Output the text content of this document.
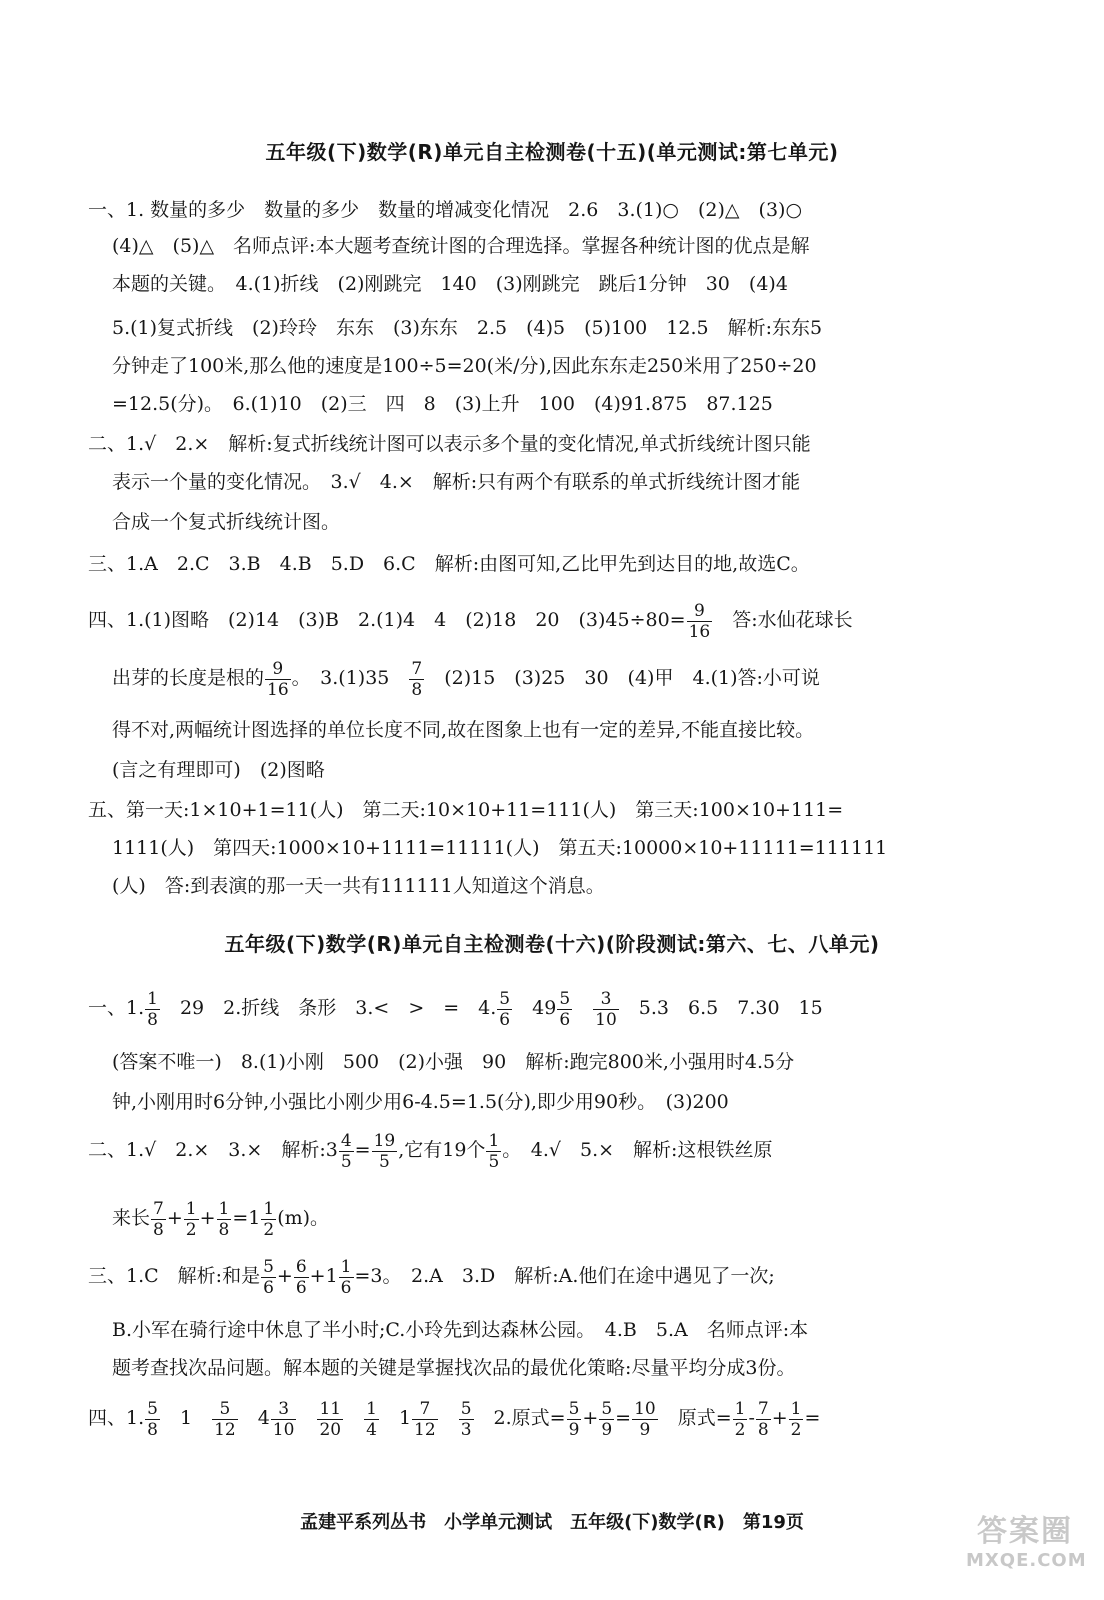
五年级(下)数学(R)单元自主检测卷(十五)(单元测试:第七单元)
一、1. 数量的多少　数量的多少　数量的增减变化情况　2.6　3.(1)○　(2)△　(3)○
(4)△　(5)△　名师点评:本大题考查统计图的合理选择。掌握各种统计图的优点是解
本题的关键。　4.(1)折线　(2)刚跳完　140　(3)刚跳完　跳后1分钟　30　(4)4
5.(1)复式折线　(2)玲玲　东东　(3)东东　2.5　(4)5　(5)100　12.5　解析:东东5
分钟走了100米,那么他的速度是100÷5=20(米/分),因此东东走250米用了250÷20
=12.5(分)。　6.(1)10　(2)三　四　8　(3)上升　100　(4)91.875　87.125
二、1.√　2.×　解析:复式折线统计图可以表示多个量的变化情况,单式折线统计图只能
表示一个量的变化情况。　3.√　4.×　解析:只有两个有联系的单式折线统计图才能
合成一个复式折线统计图。
三、1.A　2.C　3.B　4.B　5.D　6.C　解析:由图可知,乙比甲先到达目的地,故选C。
四、1.(1)图略　(2)14　(3)B　2.(1)4　4　(2)18　20　$(3)45\div 80= \frac{9}{16}$ 　答:水仙花球长
出芽的长度是根的 $\frac{9}{16}$ 。　3.(1)35　 $\frac{7}{8}$ 　(2)15　(3)25　30　(4)甲　4.(1)答:小可说
得不对,两幅统计图选择的单位长度不同,故在图象上也有一定的差异,不能直接比较。
(言之有理即可)　(2)图略
五、第一天:1×10+1=11(人)　第二天:10×10+11=111(人)　第三天:100×10+111=
1111(人)　第四天:1000×10+1111=11111(人)　第五天:10000×10+11111=111111
(人)　答:到表演的那一天一共有111111人知道这个消息。
五年级(下)数学(R)单元自主检测卷(十六)(阶段测试:第六、七、八单元)
一、1. $\frac{1}{8}$ 　29　2.折线　条形　3.<　>　=　4. $\frac{5}{6}$ 　$49 \frac{5}{6}$
　 $\frac{3}{10}$ 　5.3　6.5　7.30　15
(答案不唯一)　8.(1)小刚　500　(2)小强　90　解析:跑完800米,小强用时4.5分
钟,小刚用时6分钟,小强比小刚少用6-4.5=1.5(分),即少用90秒。　(3)200
二、1.√　2.×　3.×　解析:3 $\frac{4}{5} = \frac{19}{5}$ ,它有19个 $\frac{1}{5}$ 。　4.√　5.×　解析:这根铁丝原
来长 $\frac{7}{8} + \frac{1}{2} + \frac{1}{8} =1 \frac{1}{2} (m)$。
三、1.C　解析:和是 $\frac{5}{6} + \frac{6}{6} +1 \frac{1}{6} =3$。　2.A　3.D　解析:A.他们在途中遇见了一次;
B.小军在骑行途中休息了半小时;C.小玲先到达森林公园。　4.B　5.A　名师点评:本
题考查找次品问题。解本题的关键是掌握找次品的最优化策略:尽量平均分成3份。
四、1. $\frac{5}{8}$ 　1　 $\frac{5}{12}$ 　$4 \frac{3}{10}$
　 $\frac{11}{20}$
　 $\frac{1}{4}$ 　$1 \frac{7}{12}$
　 $\frac{5}{3}$ 　2.原式= $\frac{5}{9} + \frac{5}{9} = \frac{10}{9}$ 　原式= $\frac{1}{2} - \frac{7}{8} + \frac{1}{2}$ =
孟建平系列丛书　小学单元测试　五年级(下)数学(R)　第19页	答案圈
MXQE.COM
